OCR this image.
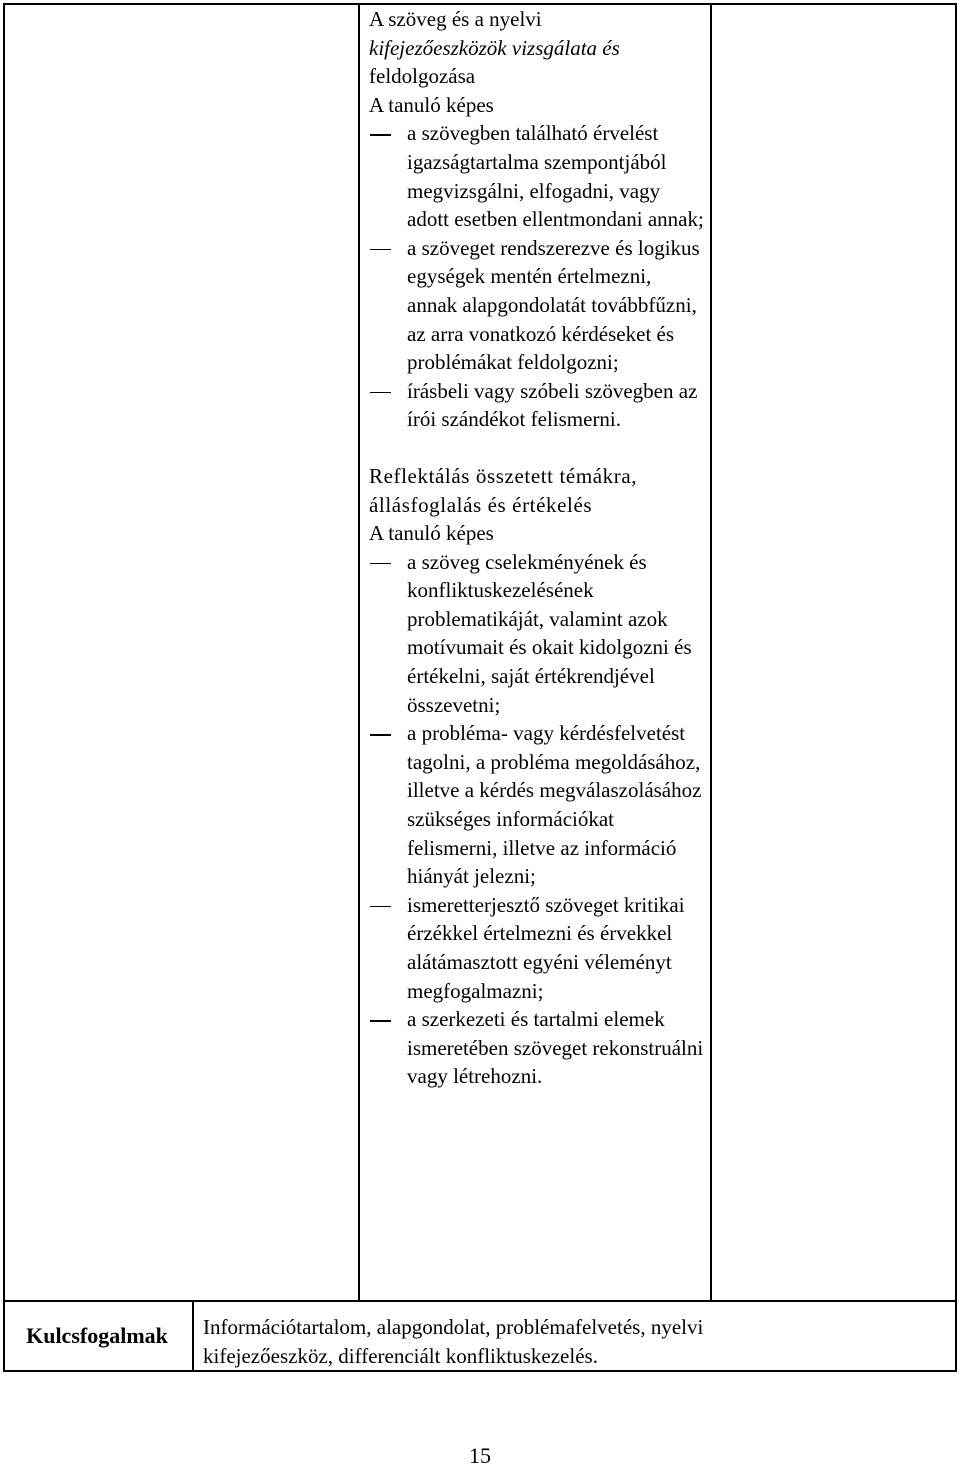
A szöveg és a nyelvi
kifejezőeszközök vizsgálata és
feldolgozása

A tanuló képes

a szövegben található érvelést igazságtartalma szempontjából megvizsgálni, elfogadni, vagy adott esetben ellentmondani annak;
a szöveget rendszerezve és logikus egységek mentén értelmezni, annak alapgondolatát továbbfűzni, az arra vonatkozó kérdéseket és problémákat feldolgozni;
írásbeli vagy szóbeli szövegben az írói szándékot felismerni.

Reflektálás összetett témákra, állásfoglalás és értékelés

A tanuló képes

a szöveg cselekményének és konfliktuskezelésének problematikáját, valamint azok motívumait és okait kidolgozni és értékelni, saját értékrendjével összevetni;
a probléma- vagy kérdésfelvetést tagolni, a probléma megoldásához, illetve a kérdés megválaszolásához szükséges információkat felismerni, illetve az információ hiányát jelezni;
ismeretterjesztő szöveget kritikai érzékkel értelmezni és érvekkel alátámasztott egyéni véleményt megfogalmazni;
a szerkezeti és tartalmi elemek ismeretében szöveget rekonstruálni vagy létrehozni.
Kulcsfogalmak	Információtartalom, alapgondolat, problémafelvetés, nyelvi kifejezőeszköz, differenciált konfliktuskezelés.
15
